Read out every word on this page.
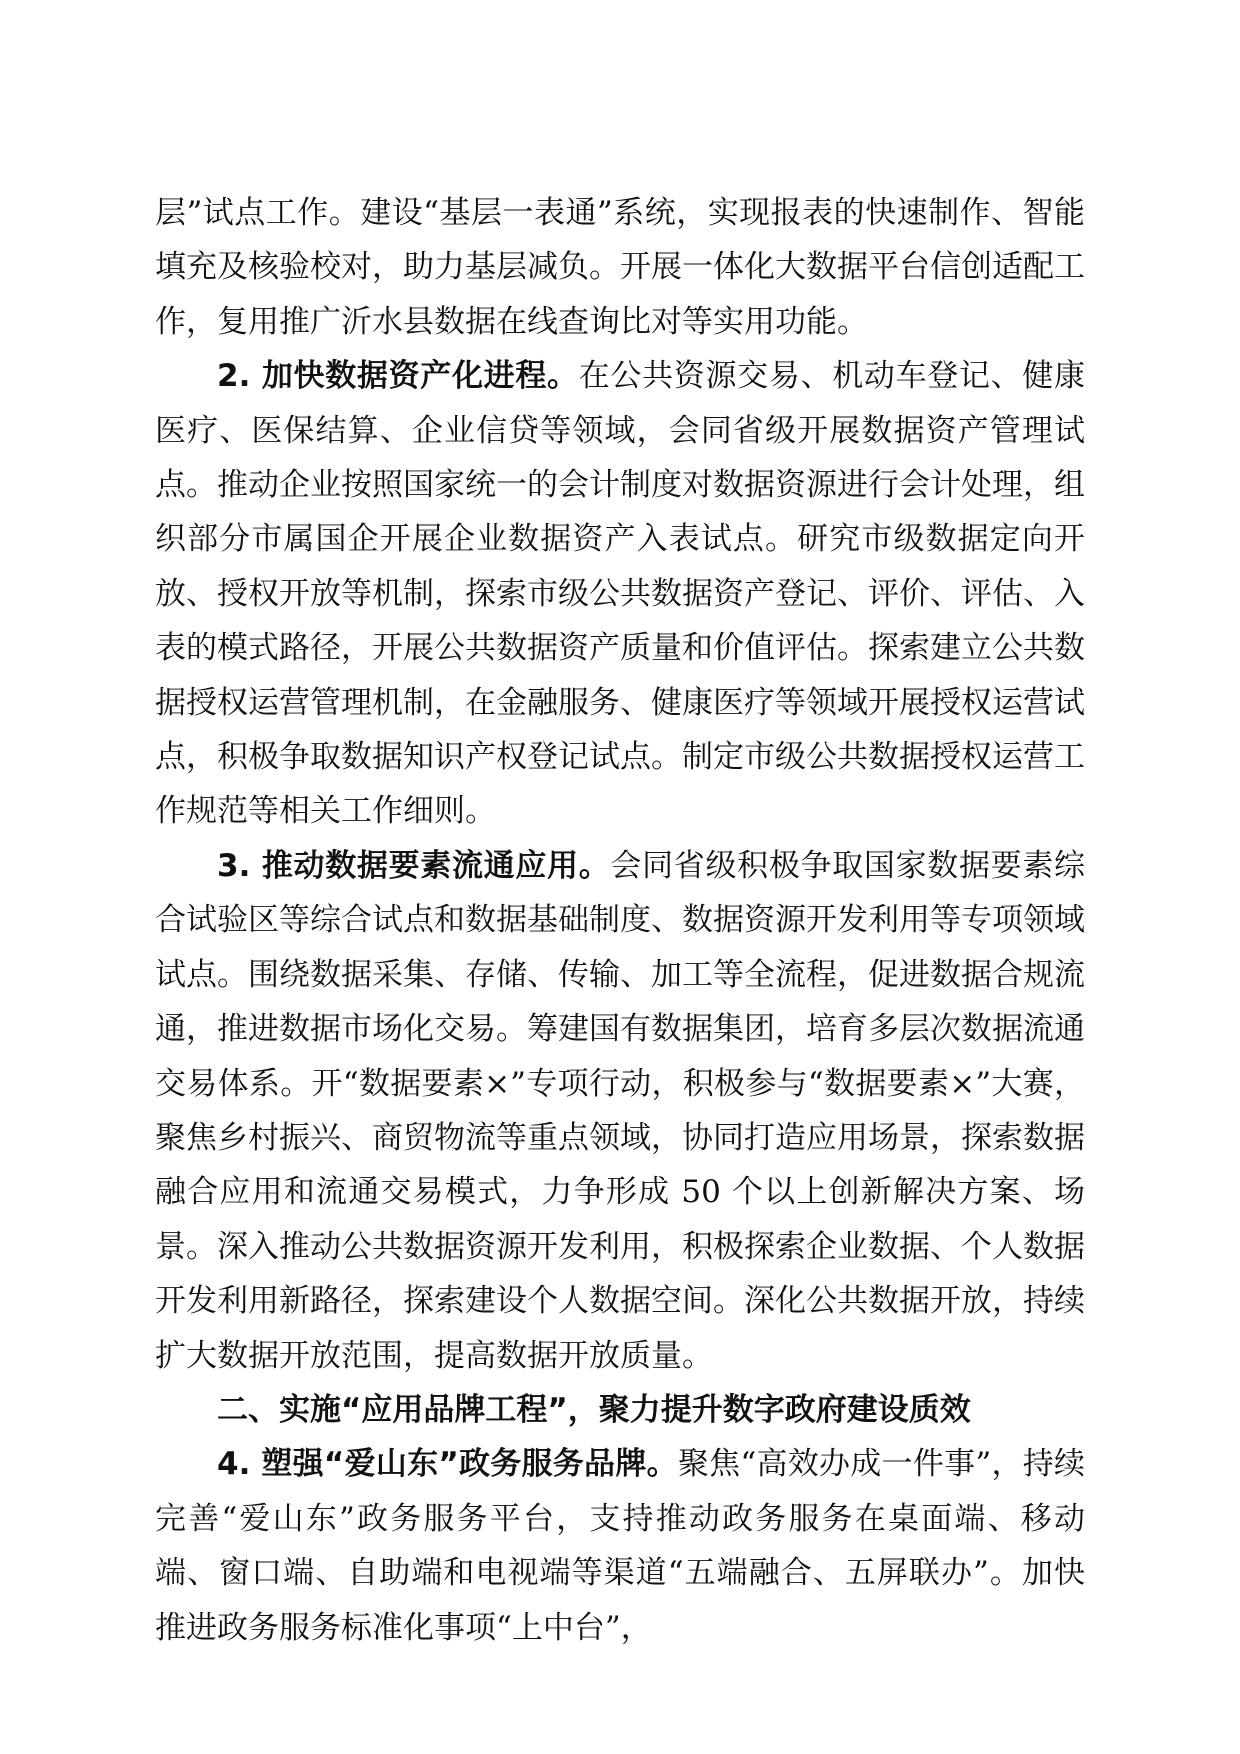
层”试点工作。建设“基层一表通”系统，实现报表的快速制作、智能填充及核验校对，助力基层减负。开展一体化大数据平台信创适配工作，复用推广沂水县数据在线查询比对等实用功能。

2. 加快数据资产化进程。在公共资源交易、机动车登记、健康医疗、医保结算、企业信贷等领域，会同省级开展数据资产管理试点。推动企业按照国家统一的会计制度对数据资源进行会计处理，组织部分市属国企开展企业数据资产入表试点。研究市级数据定向开放、授权开放等机制，探索市级公共数据资产登记、评价、评估、入表的模式路径，开展公共数据资产质量和价值评估。探索建立公共数据授权运营管理机制，在金融服务、健康医疗等领域开展授权运营试点，积极争取数据知识产权登记试点。制定市级公共数据授权运营工作规范等相关工作细则。

3. 推动数据要素流通应用。会同省级积极争取国家数据要素综合试验区等综合试点和数据基础制度、数据资源开发利用等专项领域试点。围绕数据采集、存储、传输、加工等全流程，促进数据合规流通，推进数据市场化交易。筹建国有数据集团，培育多层次数据流通交易体系。开“数据要素×”专项行动，积极参与“数据要素×”大赛，聚焦乡村振兴、商贸物流等重点领域，协同打造应用场景，探索数据融合应用和流通交易模式，力争形成 50 个以上创新解决方案、场景。深入推动公共数据资源开发利用，积极探索企业数据、个人数据开发利用新路径，探索建设个人数据空间。深化公共数据开放，持续扩大数据开放范围，提高数据开放质量。

二、实施“应用品牌工程”，聚力提升数字政府建设质效

4. 塑强“爱山东”政务服务品牌。聚焦“高效办成一件事”，持续完善“爱山东”政务服务平台，支持推动政务服务在桌面端、移动端、窗口端、自助端和电视端等渠道“五端融合、五屏联办”。加快推进政务服务标准化事项“上中台”，
